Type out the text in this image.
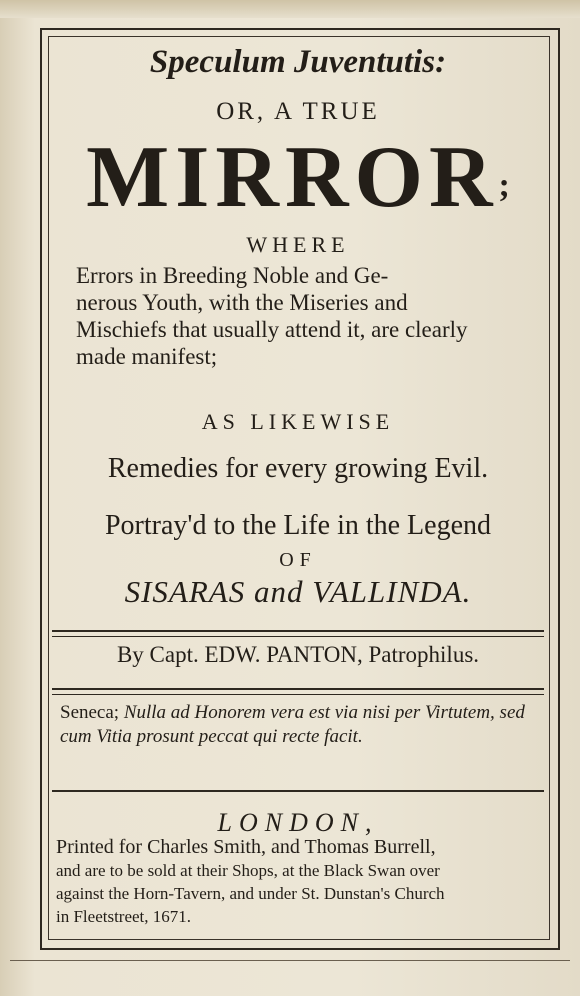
Speculum Juventutis:
OR, A TRUE
MIRROR;
WHERE
Errors in Breeding Noble and Ge-
nerous Youth, with the Miseries and
Mischiefs that usually attend it, are clearly
made manifest;
AS LIKEWISE
Remedies for every growing Evil.
Portray'd to the Life in the Legend
OF
SISARAS and VALLINDA.
By Capt. EDW. PANTON, Patrophilus.
Seneca; Nulla ad Honorem vera est via nisi per Virtutem, sed cum Vitia prosunt peccat qui recte facit.
LONDON,
Printed for Charles Smith, and Thomas Burrell,
and are to be sold at their Shops, at the Black Swan over
against the Horn-Tavern, and under St. Dunstan's Church
in Fleetstreet, 1671.
